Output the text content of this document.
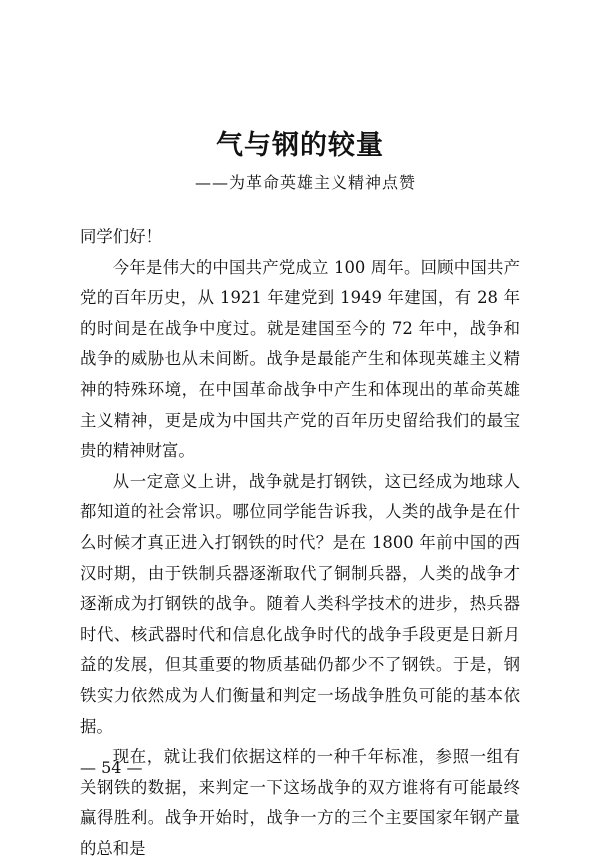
气与钢的较量
——为革命英雄主义精神点赞

同学们好！

今年是伟大的中国共产党成立 100 周年。回顾中国共产党的百年历史，从 1921 年建党到 1949 年建国，有 28 年的时间是在战争中度过。就是建国至今的 72 年中，战争和战争的威胁也从未间断。战争是最能产生和体现英雄主义精神的特殊环境，在中国革命战争中产生和体现出的革命英雄主义精神，更是成为中国共产党的百年历史留给我们的最宝贵的精神财富。

从一定意义上讲，战争就是打钢铁，这已经成为地球人都知道的社会常识。哪位同学能告诉我，人类的战争是在什么时候才真正进入打钢铁的时代？是在 1800 年前中国的西汉时期，由于铁制兵器逐渐取代了铜制兵器，人类的战争才逐渐成为打钢铁的战争。随着人类科学技术的进步，热兵器时代、核武器时代和信息化战争时代的战争手段更是日新月益的发展，但其重要的物质基础仍都少不了钢铁。于是，钢铁实力依然成为人们衡量和判定一场战争胜负可能的基本依据。

现在，就让我们依据这样的一种千年标准，参照一组有关钢铁的数据，来判定一下这场战争的双方谁将有可能最终赢得胜利。战争开始时，战争一方的三个主要国家年钢产量的总和是

— 54 —
